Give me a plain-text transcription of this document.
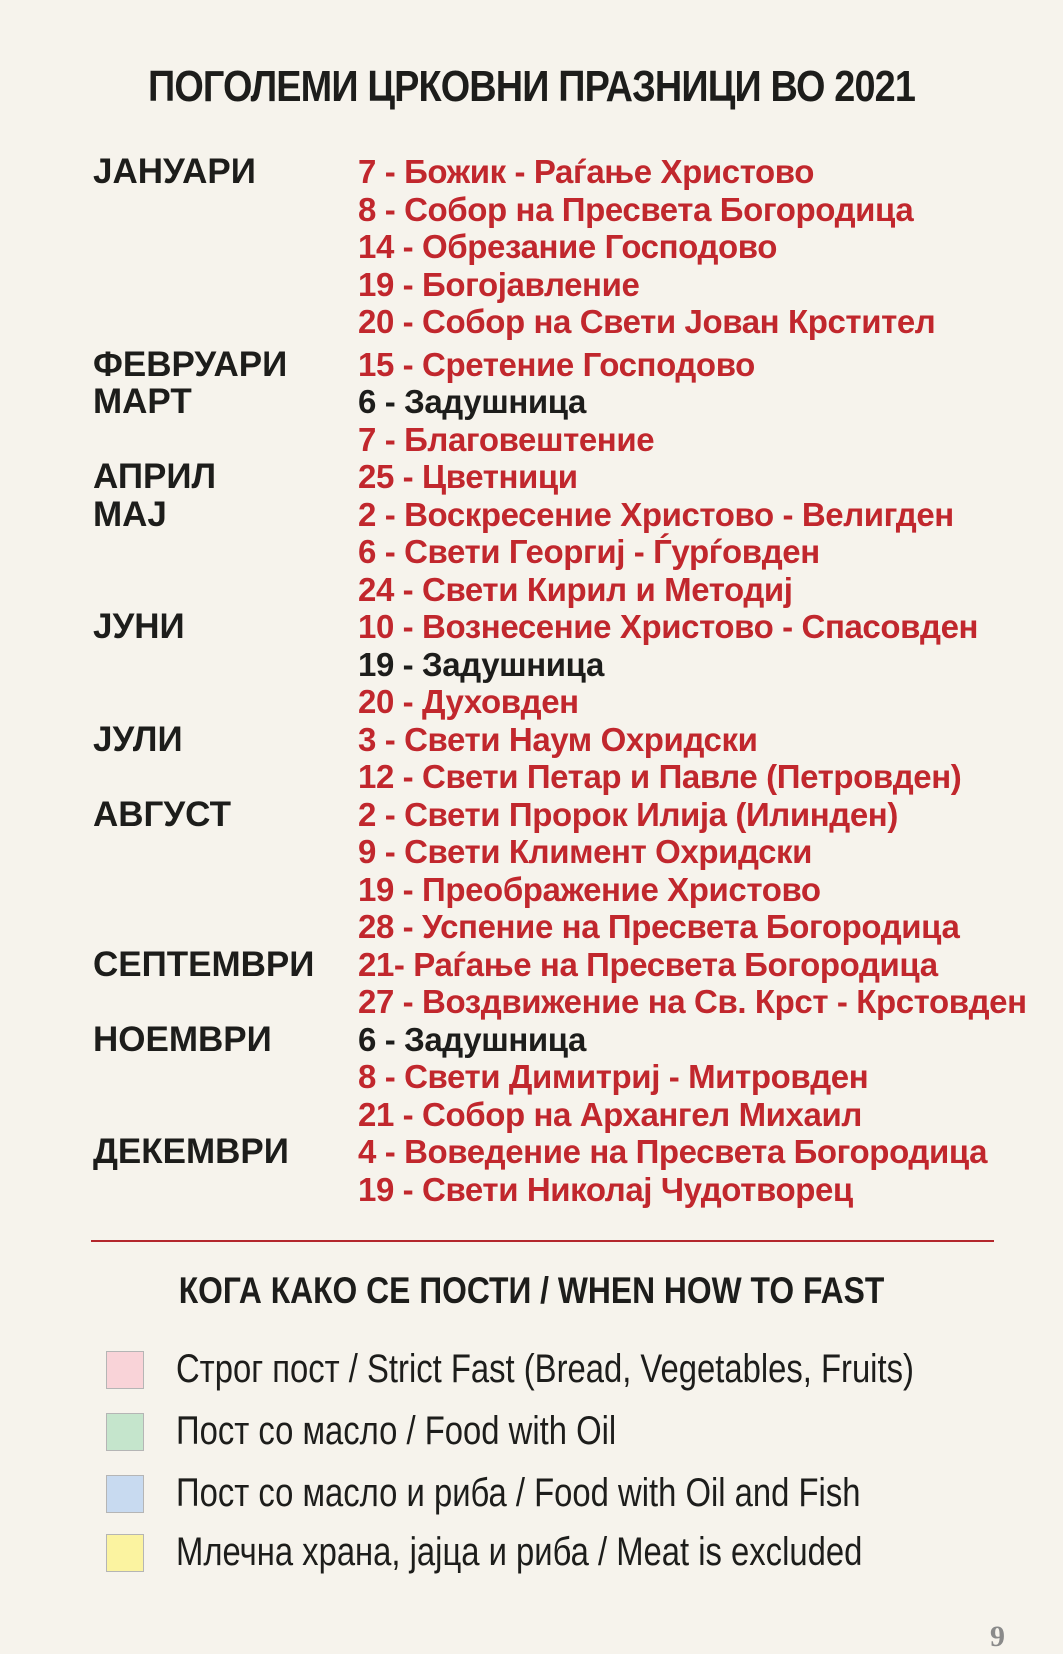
ПОГОЛЕМИ ЦРКОВНИ ПРАЗНИЦИ ВО 2021
ЈАНУАРИ	7 - Божик - Раѓање Христово
8 - Собор на Пресвета Богородица
14 - Обрезание Господово
19 - Богојавление
20 - Собор на Свети Јован Крстител
ФЕВРУАРИ 15 - Сретение Господово
МАРТ	6 - Задушница
7 - Благовештение
АПРИЛ	25 - Цветници
МАЈ	2 - Воскресение Христово - Велигден
6 - Свети Георгиј - Ѓурѓовден
24 - Свети Кирил и Методиј
ЈУНИ	10 - Вознесение Христово - Спасовден
19 - Задушница
20 - Духовден
ЈУЛИ	3 - Свети Наум Охридски
12 - Свети Петар и Павле (Петровден)
АВГУСТ	2 - Свети Пророк Илија (Илинден)
9 - Свети Климент Охридски
19 - Преображение Христово
28 - Успение на Пресвета Богородица
СЕПТЕМВРИ 21- Раѓање на Пресвета Богородица
27 - Воздвижение на Св. Крст - Крстовден
НОЕМВРИ	6 - Задушница
8 - Свети Димитриј - Митровден
21 - Собор на Архангел Михаил
ДЕКЕМВРИ 4 - Воведение на Пресвета Богородица
19 - Свети Николај Чудотворец
КОГА КАКО СЕ ПОСТИ / WHEN HOW TO FAST
Строг пост / Strict Fast (Bread, Vegetables, Fruits)
Пост со масло / Food with Oil
Пост со масло и риба / Food with Oil and Fish
Млечна храна, јајца и риба / Meat is excluded
9
